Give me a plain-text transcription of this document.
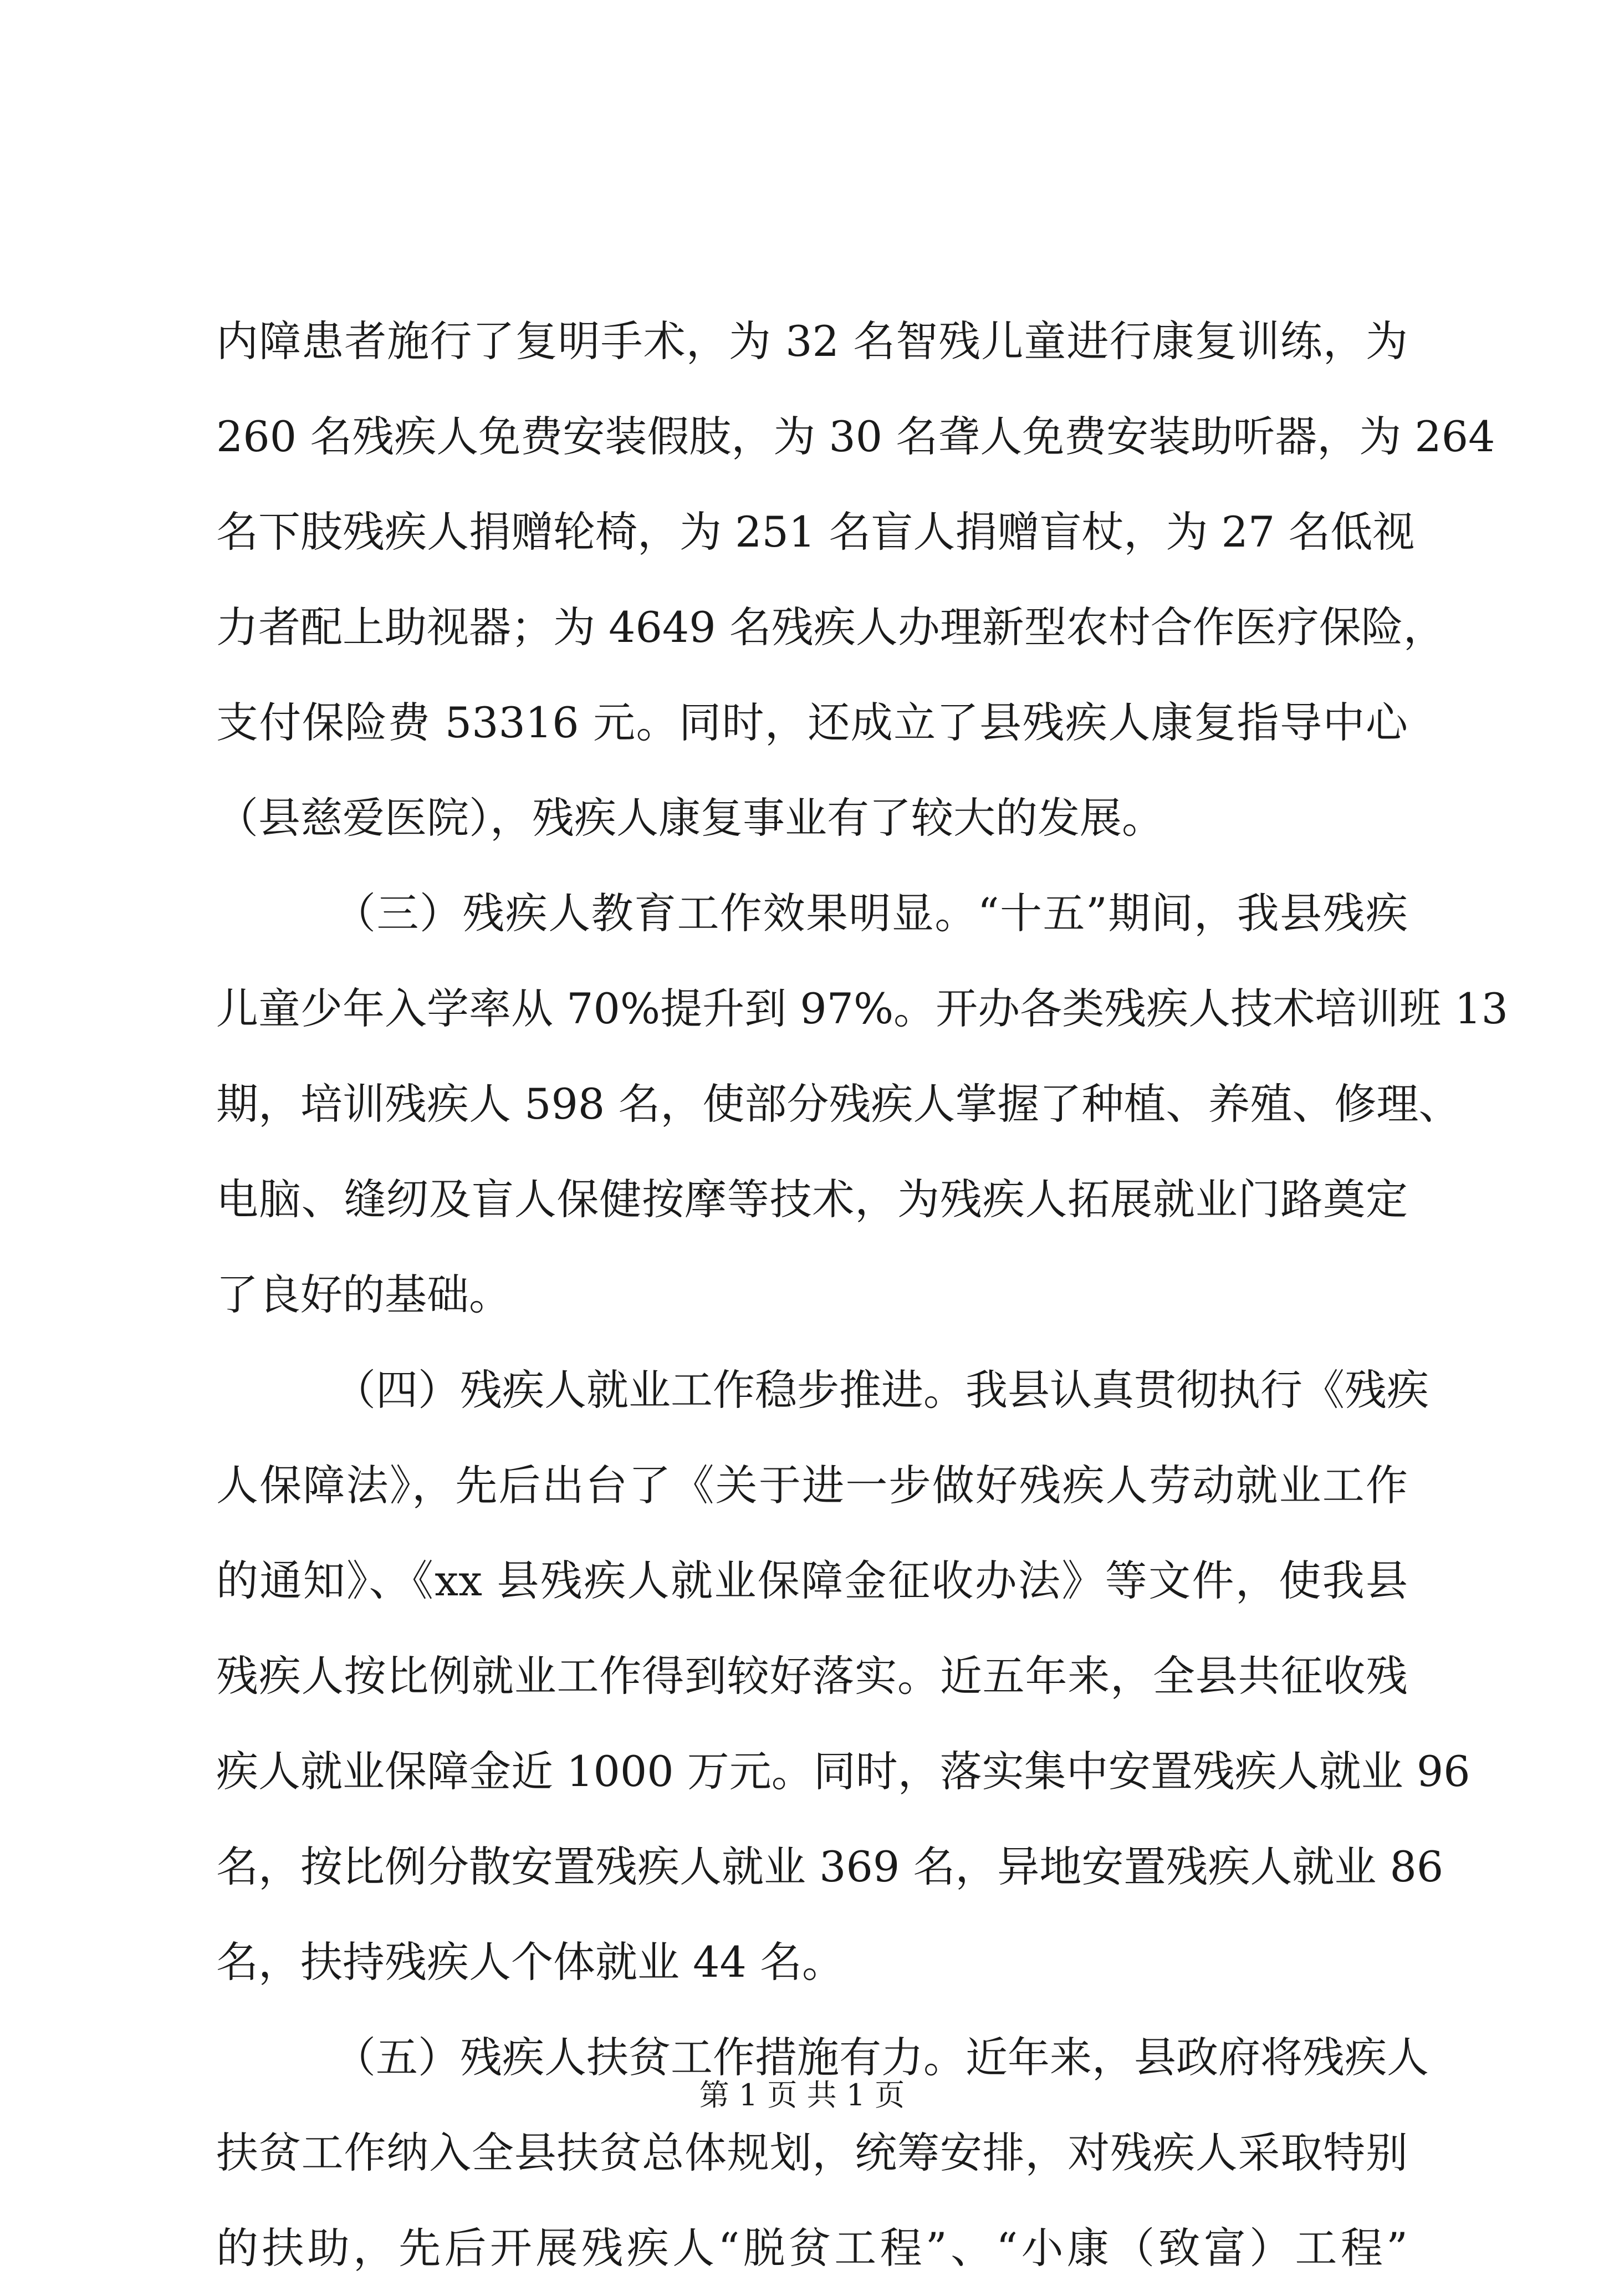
内障患者施行了复明手术，为 32 名智残儿童进行康复训练，为
260 名残疾人免费安装假肢，为 30 名聋人免费安装助听器，为 264
名下肢残疾人捐赠轮椅，为 251 名盲人捐赠盲杖，为 27 名低视
力者配上助视器；为 4649 名残疾人办理新型农村合作医疗保险，
支付保险费 53316 元。同时，还成立了县残疾人康复指导中心
（县慈爱医院），残疾人康复事业有了较大的发展。
（三）残疾人教育工作效果明显。“十五”期间，我县残疾
儿童少年入学率从 70%提升到 97%。开办各类残疾人技术培训班 13
期，培训残疾人 598 名，使部分残疾人掌握了种植、养殖、修理、
电脑、缝纫及盲人保健按摩等技术，为残疾人拓展就业门路奠定
了良好的基础。
（四）残疾人就业工作稳步推进。我县认真贯彻执行《残疾
人保障法》，先后出台了《关于进一步做好残疾人劳动就业工作
的通知》、《xx 县残疾人就业保障金征收办法》等文件，使我县
残疾人按比例就业工作得到较好落实。近五年来，全县共征收残
疾人就业保障金近 1000 万元。同时，落实集中安置残疾人就业 96
名，按比例分散安置残疾人就业 369 名，异地安置残疾人就业 86
名，扶持残疾人个体就业 44 名。
（五）残疾人扶贫工作措施有力。近年来，县政府将残疾人
扶贫工作纳入全县扶贫总体规划，统筹安排，对残疾人采取特别
的扶助，先后开展残疾人“脱贫工程”、“小康（致富）工程”
第 1 页 共 1 页
